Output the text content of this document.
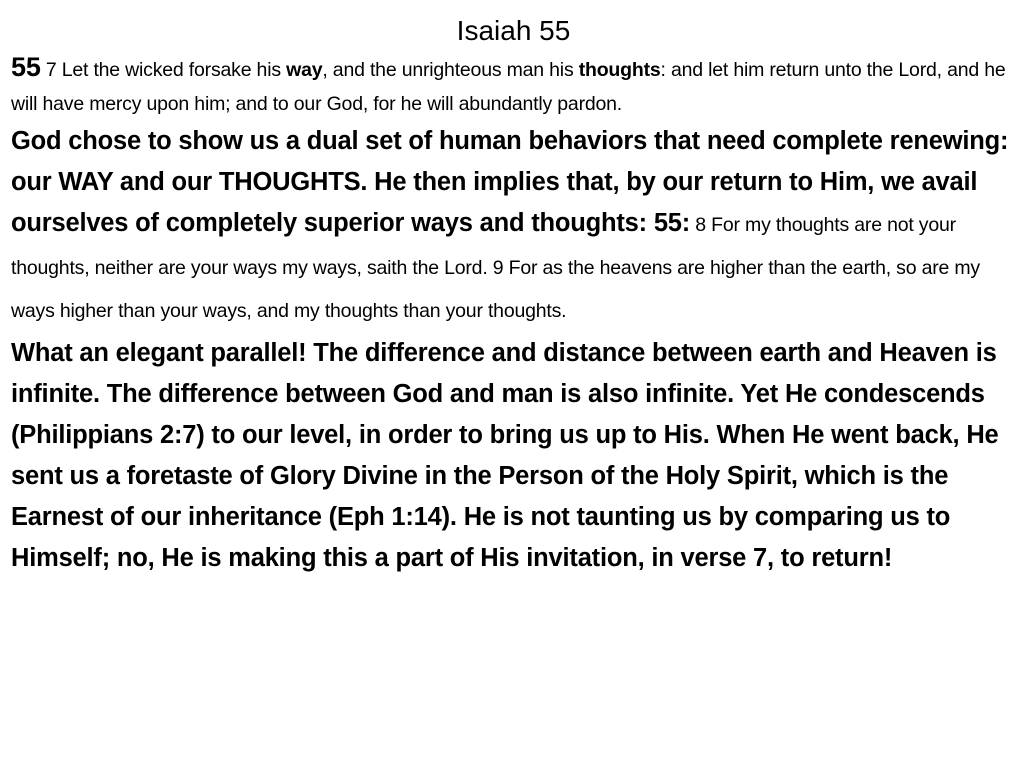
Isaiah 55

55 7 Let the wicked forsake his way, and the unrighteous man his thoughts: and let him return unto the Lord, and he will have mercy upon him; and to our God, for he will abundantly pardon.

God chose to show us a dual set of human behaviors that need complete renewing: our WAY and our THOUGHTS. He then implies that, by our return to Him, we avail ourselves of completely superior ways and thoughts: 55: 8 For my thoughts are not your thoughts, neither are your ways my ways, saith the Lord. 9 For as the heavens are higher than the earth, so are my ways higher than your ways, and my thoughts than your thoughts.

What an elegant parallel! The difference and distance between earth and Heaven is infinite. The difference between God and man is also infinite. Yet He condescends (Philippians 2:7) to our level, in order to bring us up to His. When He went back, He sent us a foretaste of Glory Divine in the Person of the Holy Spirit, which is the Earnest of our inheritance (Eph 1:14). He is not taunting us by comparing us to Himself; no, He is making this a part of His invitation, in verse 7, to return!
